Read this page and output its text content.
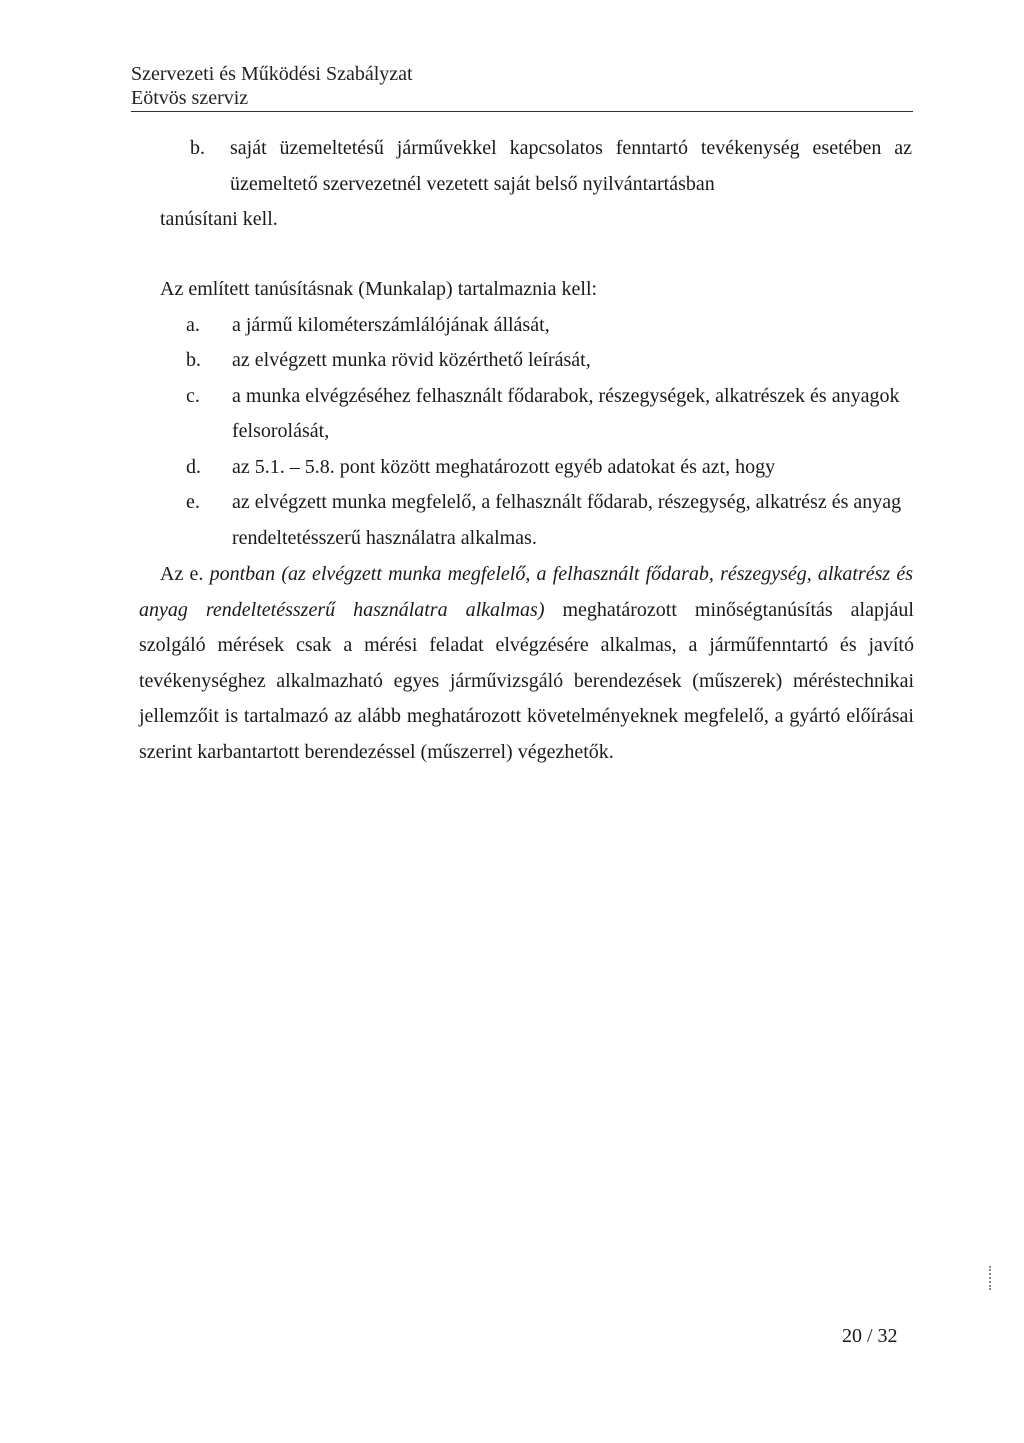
Szervezeti és Működési Szabályzat
Eötvös szerviz
b. saját üzemeltetésű járművekkel kapcsolatos fenntartó tevékenység esetében az
üzemeltető szervezetnél vezetett saját belső nyilvántartásban
tanúsítani kell.
Az említett tanúsításnak (Munkalap) tartalmaznia kell:
a. a jármű kilométerszámlálójának állását,
b. az elvégzett munka rövid közérthető leírását,
c. a munka elvégzéséhez felhasznált fődarabok, részegységek, alkatrészek és anyagok
felsorolását,
d. az 5.1. – 5.8. pont között meghatározott egyéb adatokat és azt, hogy
e. az elvégzett munka megfelelő, a felhasznált fődarab, részegység, alkatrész és anyag
rendeltetésszerű használatra alkalmas.
Az e. pontban (az elvégzett munka megfelelő, a felhasznált fődarab, részegység, alkatrész és
anyag rendeltetésszerű használatra alkalmas) meghatározott minőségtanúsítás alapjául
szolgáló mérések csak a mérési feladat elvégzésére alkalmas, a járműfenntartó és javító
tevékenységhez alkalmazható egyes járművizsgáló berendezések (műszerek) méréstechnikai
jellemzőit is tartalmazó az alább meghatározott követelményeknek megfelelő, a gyártó előírásai
szerint karbantartott berendezéssel (műszerrel) végezhetők.
20 / 32
